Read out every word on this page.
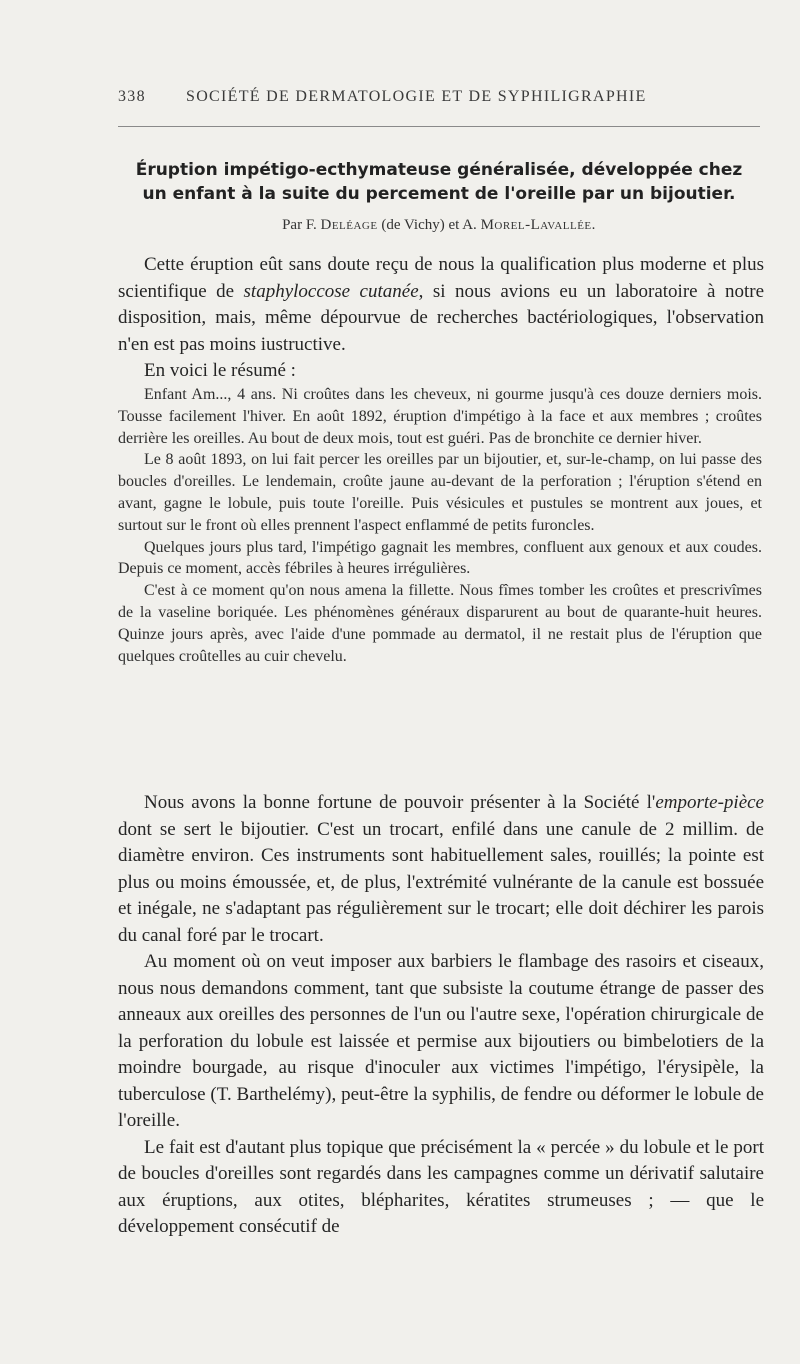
338	SOCIÉTÉ DE DERMATOLOGIE ET DE SYPHILIGRAPHIE
Éruption impétigo-ecthymateuse généralisée, développée chez
un enfant à la suite du percement de l'oreille par un bijoutier.
Par F. Deléage (de Vichy) et A. Morel-Lavallée.

Cette éruption eût sans doute reçu de nous la qualification plus moderne et plus scientifique de staphyloccose cutanée, si nous avions eu un laboratoire à notre disposition, mais, même dépourvue de recherches bactériologiques, l'observation n'en est pas moins iustructive.

En voici le résumé :

Enfant Am..., 4 ans. Ni croûtes dans les cheveux, ni gourme jusqu'à ces douze derniers mois. Tousse facilement l'hiver. En août 1892, éruption d'impétigo à la face et aux membres ; croûtes derrière les oreilles. Au bout de deux mois, tout est guéri. Pas de bronchite ce dernier hiver.

Le 8 août 1893, on lui fait percer les oreilles par un bijoutier, et, sur-le-champ, on lui passe des boucles d'oreilles. Le lendemain, croûte jaune au-devant de la perforation ; l'éruption s'étend en avant, gagne le lobule, puis toute l'oreille. Puis vésicules et pustules se montrent aux joues, et surtout sur le front où elles prennent l'aspect enflammé de petits furoncles.

Quelques jours plus tard, l'impétigo gagnait les membres, confluent aux genoux et aux coudes. Depuis ce moment, accès fébriles à heures irrégulières.

C'est à ce moment qu'on nous amena la fillette. Nous fîmes tomber les croûtes et prescrivîmes de la vaseline boriquée. Les phénomènes généraux disparurent au bout de quarante-huit heures. Quinze jours après, avec l'aide d'une pommade au dermatol, il ne restait plus de l'éruption que quelques croûtelles au cuir chevelu.

Nous avons la bonne fortune de pouvoir présenter à la Société l'emporte-pièce dont se sert le bijoutier. C'est un trocart, enfilé dans une canule de 2 millim. de diamètre environ. Ces instruments sont habituellement sales, rouillés; la pointe est plus ou moins émoussée, et, de plus, l'extrémité vulnérante de la canule est bossuée et inégale, ne s'adaptant pas régulièrement sur le trocart; elle doit déchirer les parois du canal foré par le trocart.

Au moment où on veut imposer aux barbiers le flambage des rasoirs et ciseaux, nous nous demandons comment, tant que subsiste la coutume étrange de passer des anneaux aux oreilles des personnes de l'un ou l'autre sexe, l'opération chirurgicale de la perforation du lobule est laissée et permise aux bijoutiers ou bimbelotiers de la moindre bourgade, au risque d'inoculer aux victimes l'impétigo, l'érysipèle, la tuberculose (T. Barthelémy), peut-être la syphilis, de fendre ou déformer le lobule de l'oreille.

Le fait est d'autant plus topique que précisément la « percée » du lobule et le port de boucles d'oreilles sont regardés dans les campagnes comme un dérivatif salutaire aux éruptions, aux otites, blépharites, kératites strumeuses ; — que le développement consécutif de
